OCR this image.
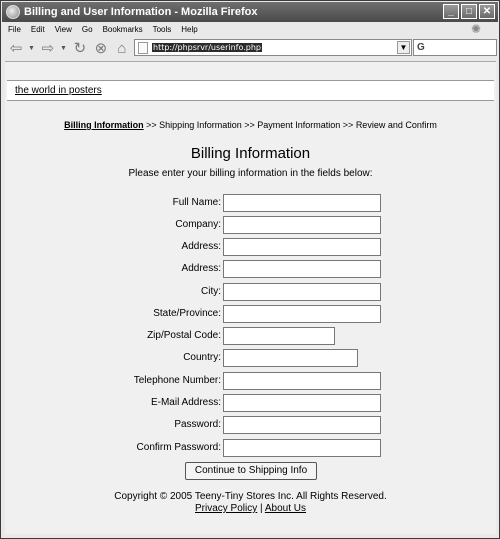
Billing and User Information - Mozilla Firefox	_	□	✕
File Edit View Go Bookmarks Tools Help	✺
⇦ ▼ ⇨ ▼ ↻ ⊗ ⌂	http://phpsrvr/userinfo.php	▼ G
the world in posters
Billing Information >> Shipping Information >> Payment Information >> Review and Confirm
Billing Information
Please enter your billing information in the fields below:
Full Name:
Company:
Address:
Address:
City:
State/Province:
Zip/Postal Code:
Country:
Telephone Number:
E-Mail Address:
Password:
Confirm Password:
Continue to Shipping Info
Copyright © 2005 Teeny-Tiny Stores Inc. All Rights Reserved.
Privacy Policy | About Us
